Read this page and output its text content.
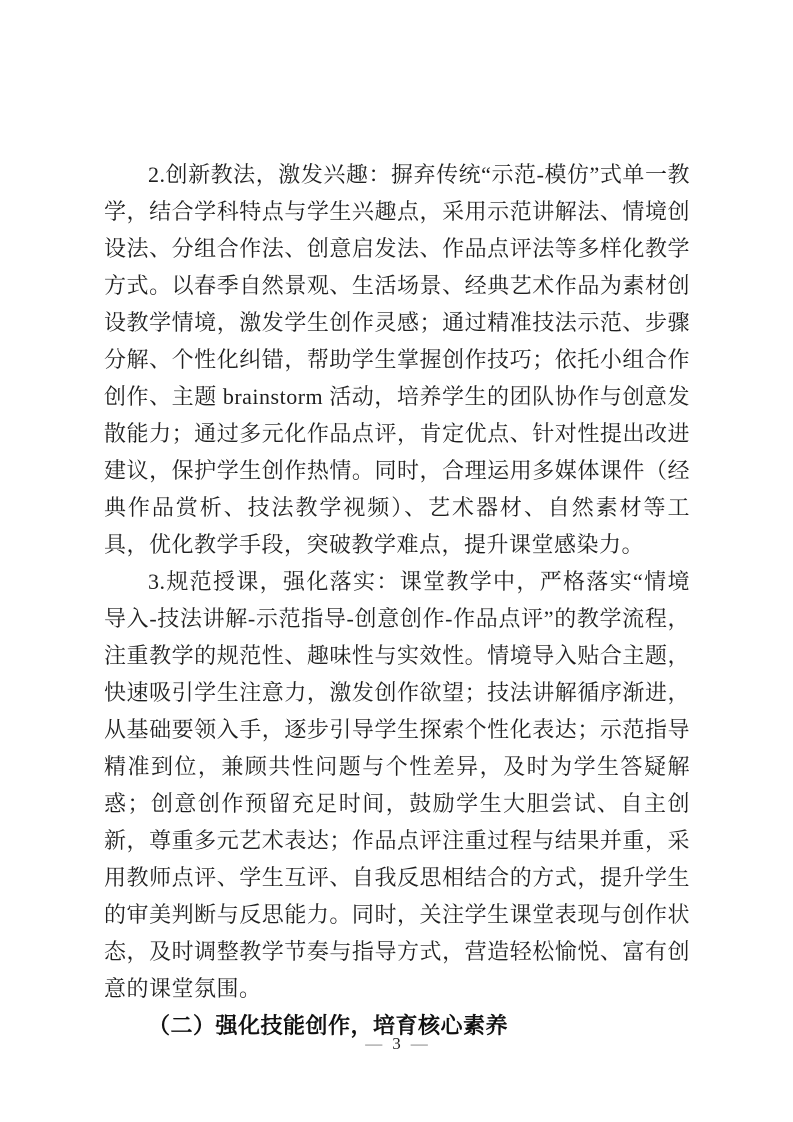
2.创新教法，激发兴趣：摒弃传统“示范-模仿”式单一教学，结合学科特点与学生兴趣点，采用示范讲解法、情境创设法、分组合作法、创意启发法、作品点评法等多样化教学方式。以春季自然景观、生活场景、经典艺术作品为素材创设教学情境，激发学生创作灵感；通过精准技法示范、步骤分解、个性化纠错，帮助学生掌握创作技巧；依托小组合作创作、主题 brainstorm 活动，培养学生的团队协作与创意发散能力；通过多元化作品点评，肯定优点、针对性提出改进建议，保护学生创作热情。同时，合理运用多媒体课件（经典作品赏析、技法教学视频）、艺术器材、自然素材等工具，优化教学手段，突破教学难点，提升课堂感染力。

3.规范授课，强化落实：课堂教学中，严格落实“情境导入-技法讲解-示范指导-创意创作-作品点评”的教学流程，注重教学的规范性、趣味性与实效性。情境导入贴合主题，快速吸引学生注意力，激发创作欲望；技法讲解循序渐进，从基础要领入手，逐步引导学生探索个性化表达；示范指导精准到位，兼顾共性问题与个性差异，及时为学生答疑解惑；创意创作预留充足时间，鼓励学生大胆尝试、自主创新，尊重多元艺术表达；作品点评注重过程与结果并重，采用教师点评、学生互评、自我反思相结合的方式，提升学生的审美判断与反思能力。同时，关注学生课堂表现与创作状态，及时调整教学节奏与指导方式，营造轻松愉悦、富有创意的课堂氛围。

（二）强化技能创作，培育核心素养

— 3 —
